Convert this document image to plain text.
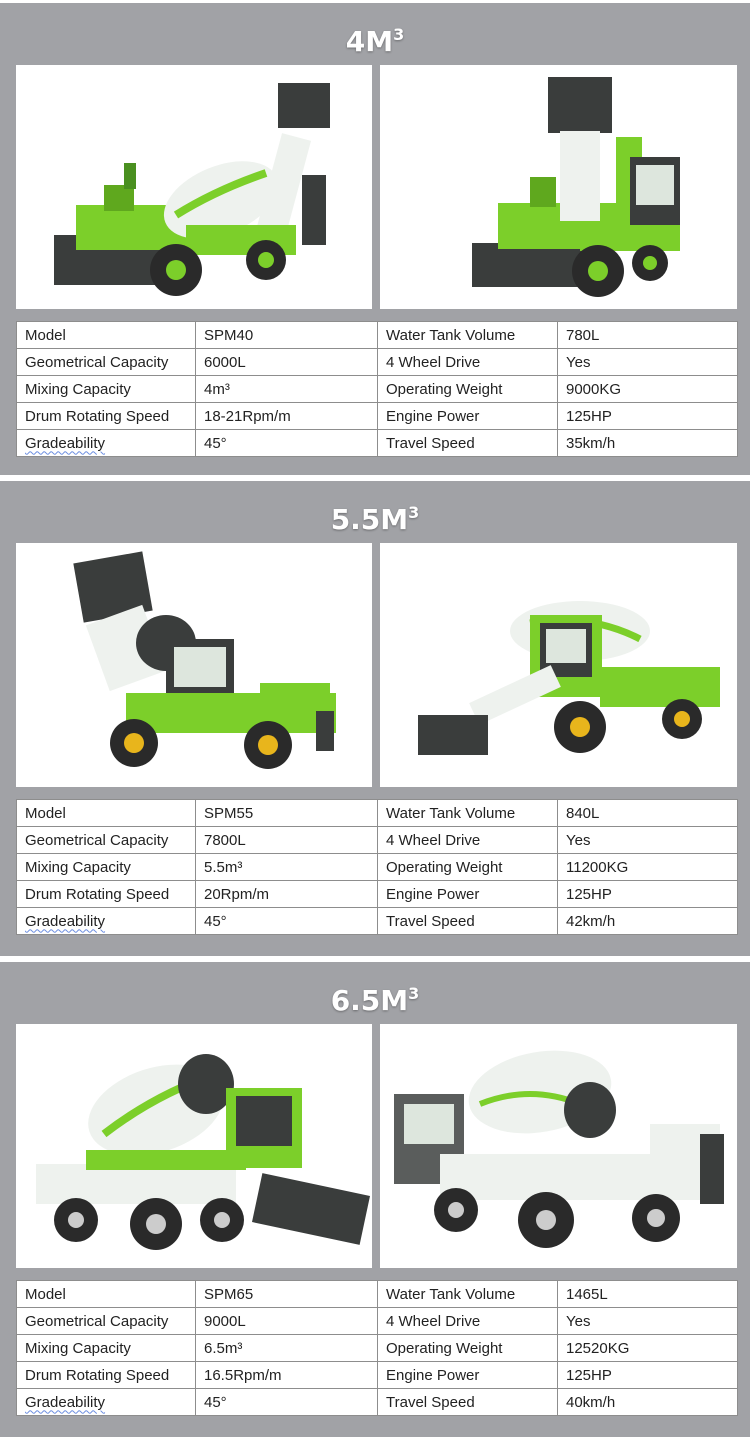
$4M^3$
Model	SPM40	Water Tank Volume	780L
Geometrical Capacity	6000L	4 Wheel Drive	Yes
Mixing Capacity	4m³	Operating Weight	9000KG
Drum Rotating Speed	18-21Rpm/m	Engine Power	125HP
Gradeability	45°	Travel Speed	35km/h
$5.5M^3$
Model	SPM55	Water Tank Volume	840L
Geometrical Capacity	7800L	4 Wheel Drive	Yes
Mixing Capacity	5.5m³	Operating Weight	11200KG
Drum Rotating Speed	20Rpm/m	Engine Power	125HP
Gradeability	45°	Travel Speed	42km/h
$6.5M^3$
Model	SPM65	Water Tank Volume	1465L
Geometrical Capacity	9000L	4 Wheel Drive	Yes
Mixing Capacity	6.5m³	Operating Weight	12520KG
Drum Rotating Speed	16.5Rpm/m	Engine Power	125HP
Gradeability	45°	Travel Speed	40km/h
